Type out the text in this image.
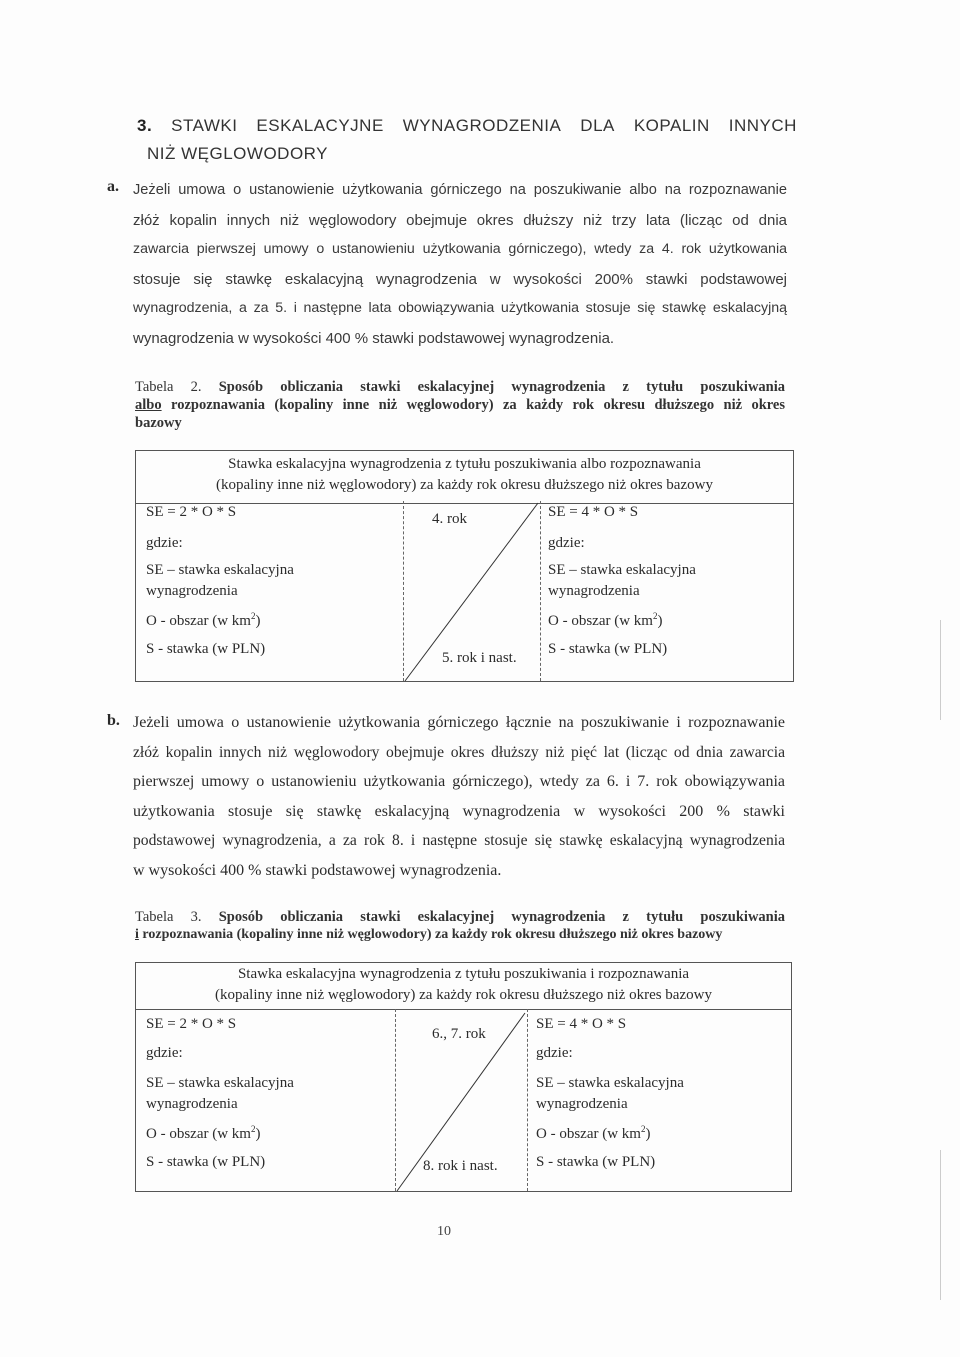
3. STAWKI ESKALACYJNE WYNAGRODZENIA DLA KOPALIN INNYCH
NIŻ WĘGLOWODORY
a. Jeżeli umowa o ustanowienie użytkowania górniczego na poszukiwanie albo na rozpoznawanie
złóż kopalin innych niż węglowodory obejmuje okres dłuższy niż trzy lata (licząc od dnia
zawarcia pierwszej umowy o ustanowieniu użytkowania górniczego), wtedy za 4. rok użytkowania
stosuje się stawkę eskalacyjną wynagrodzenia w wysokości 200% stawki podstawowej
wynagrodzenia, a za 5. i następne lata obowiązywania użytkowania stosuje się stawkę eskalacyjną
wynagrodzenia w wysokości 400 % stawki podstawowej wynagrodzenia.
Tabela 2. Sposób obliczania stawki eskalacyjnej wynagrodzenia z tytułu poszukiwania
albo rozpoznawania (kopaliny inne niż węglowodory) za każdy rok okresu dłuższego niż okres
bazowy
Stawka eskalacyjna wynagrodzenia z tytułu poszukiwania albo rozpoznawania
(kopaliny inne niż węglowodory) za każdy rok okresu dłuższego niż okres bazowy
SE = 2 * O * S
gdzie:
SE – stawka eskalacyjna
wynagrodzenia
O - obszar (w $km^2$)
S - stawka (w PLN)
4. rok
5. rok i nast.
SE = 4 * O * S
gdzie:
SE – stawka eskalacyjna
wynagrodzenia
O - obszar (w $km^2$)
S - stawka (w PLN)
b. Jeżeli umowa o ustanowienie użytkowania górniczego łącznie na poszukiwanie i rozpoznawanie
złóż kopalin innych niż węglowodory obejmuje okres dłuższy niż pięć lat (licząc od dnia zawarcia
pierwszej umowy o ustanowieniu użytkowania górniczego), wtedy za 6. i 7. rok obowiązywania
użytkowania stosuje się stawkę eskalacyjną wynagrodzenia w wysokości 200 % stawki
podstawowej wynagrodzenia, a za rok 8. i następne stosuje się stawkę eskalacyjną wynagrodzenia
w wysokości 400 % stawki podstawowej wynagrodzenia.
Tabela 3. Sposób obliczania stawki eskalacyjnej wynagrodzenia z tytułu poszukiwania
i rozpoznawania (kopaliny inne niż węglowodory) za każdy rok okresu dłuższego niż okres bazowy
Stawka eskalacyjna wynagrodzenia z tytułu poszukiwania i rozpoznawania
(kopaliny inne niż węglowodory) za każdy rok okresu dłuższego niż okres bazowy
SE = 2 * O * S
gdzie:
SE – stawka eskalacyjna
wynagrodzenia
O - obszar (w $km^2$)
S - stawka (w PLN)
6., 7. rok
8. rok i nast.
SE = 4 * O * S
gdzie:
SE – stawka eskalacyjna
wynagrodzenia
O - obszar (w $km^2$)
S - stawka (w PLN)
10
